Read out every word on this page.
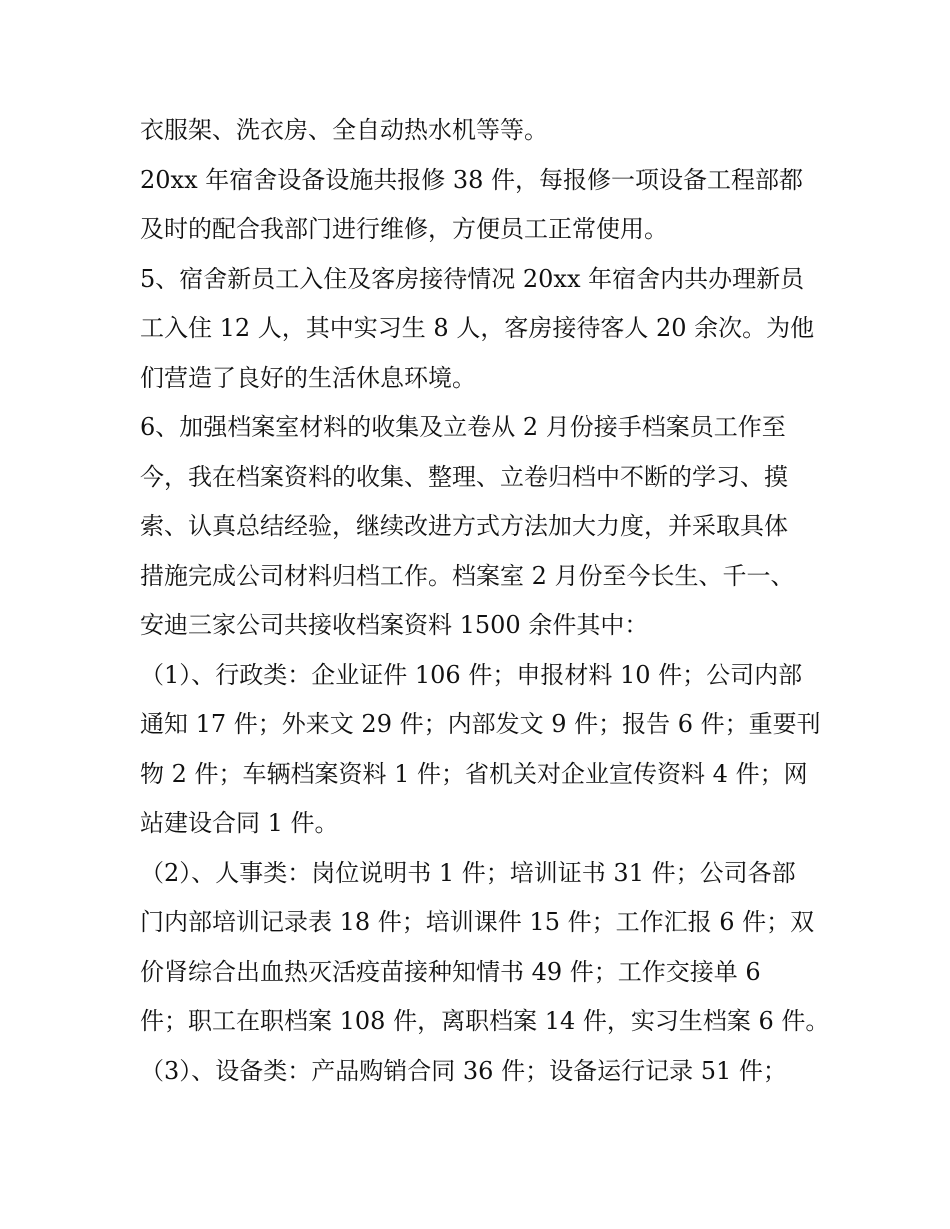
衣服架、洗衣房、全自动热水机等等。
20xx 年宿舍设备设施共报修 38 件，每报修一项设备工程部都
及时的配合我部门进行维修，方便员工正常使用。
5、宿舍新员工入住及客房接待情况 20xx 年宿舍内共办理新员
工入住 12 人，其中实习生 8 人，客房接待客人 20 余次。为他
们营造了良好的生活休息环境。
6、加强档案室材料的收集及立卷从 2 月份接手档案员工作至
今，我在档案资料的收集、整理、立卷归档中不断的学习、摸
索、认真总结经验，继续改进方式方法加大力度，并采取具体
措施完成公司材料归档工作。档案室 2 月份至今长生、千一、
安迪三家公司共接收档案资料 1500 余件其中：
（1）、行政类：企业证件 106 件；申报材料 10 件；公司内部
通知 17 件；外来文 29 件；内部发文 9 件；报告 6 件；重要刊
物 2 件；车辆档案资料 1 件；省机关对企业宣传资料 4 件；网
站建设合同 1 件。
（2）、人事类：岗位说明书 1 件；培训证书 31 件；公司各部
门内部培训记录表 18 件；培训课件 15 件；工作汇报 6 件；双
价肾综合出血热灭活疫苗接种知情书 49 件；工作交接单 6
件；职工在职档案 108 件，离职档案 14 件，实习生档案 6 件。
（3）、设备类：产品购销合同 36 件；设备运行记录 51 件；
